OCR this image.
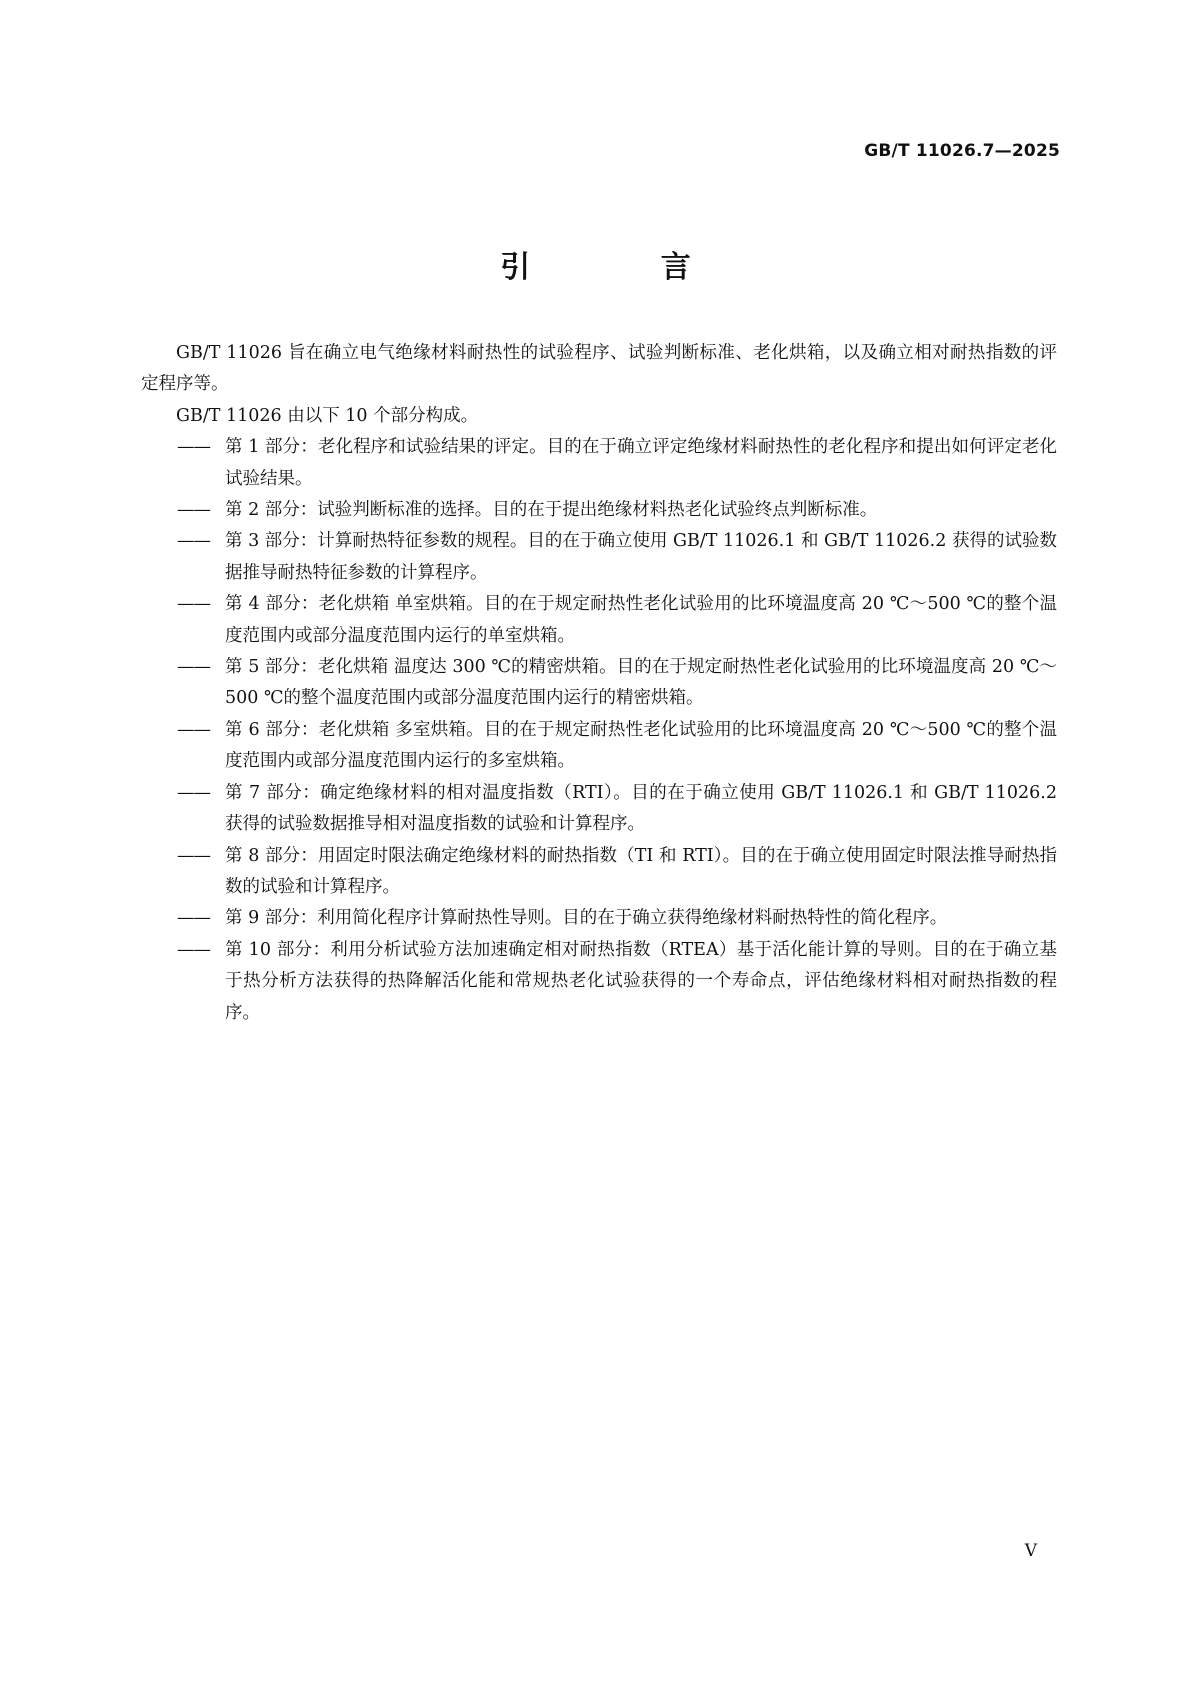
GB/T 11026.7—2025
引 言

GB/T 11026 旨在确立电气绝缘材料耐热性的试验程序、试验判断标准、老化烘箱，以及确立相对耐热指数的评定程序等。

GB/T 11026 由以下 10 个部分构成。

—— 第 1 部分：老化程序和试验结果的评定。目的在于确立评定绝缘材料耐热性的老化程序和提出如何评定老化试验结果。

—— 第 2 部分：试验判断标准的选择。目的在于提出绝缘材料热老化试验终点判断标准。

—— 第 3 部分：计算耐热特征参数的规程。目的在于确立使用 GB/T 11026.1 和 GB/T 11026.2 获得的试验数据推导耐热特征参数的计算程序。

—— 第 4 部分：老化烘箱 单室烘箱。目的在于规定耐热性老化试验用的比环境温度高 20 ℃～500 ℃的整个温度范围内或部分温度范围内运行的单室烘箱。

—— 第 5 部分：老化烘箱 温度达 300 ℃的精密烘箱。目的在于规定耐热性老化试验用的比环境温度高 20 ℃～500 ℃的整个温度范围内或部分温度范围内运行的精密烘箱。

—— 第 6 部分：老化烘箱 多室烘箱。目的在于规定耐热性老化试验用的比环境温度高 20 ℃～500 ℃的整个温度范围内或部分温度范围内运行的多室烘箱。

—— 第 7 部分：确定绝缘材料的相对温度指数（RTI）。目的在于确立使用 GB/T 11026.1 和 GB/T 11026.2 获得的试验数据推导相对温度指数的试验和计算程序。

—— 第 8 部分：用固定时限法确定绝缘材料的耐热指数（TI 和 RTI）。目的在于确立使用固定时限法推导耐热指数的试验和计算程序。

—— 第 9 部分：利用简化程序计算耐热性导则。目的在于确立获得绝缘材料耐热特性的简化程序。

—— 第 10 部分：利用分析试验方法加速确定相对耐热指数（RTEA）基于活化能计算的导则。目的在于确立基于热分析方法获得的热降解活化能和常规热老化试验获得的一个寿命点，评估绝缘材料相对耐热指数的程序。

V
